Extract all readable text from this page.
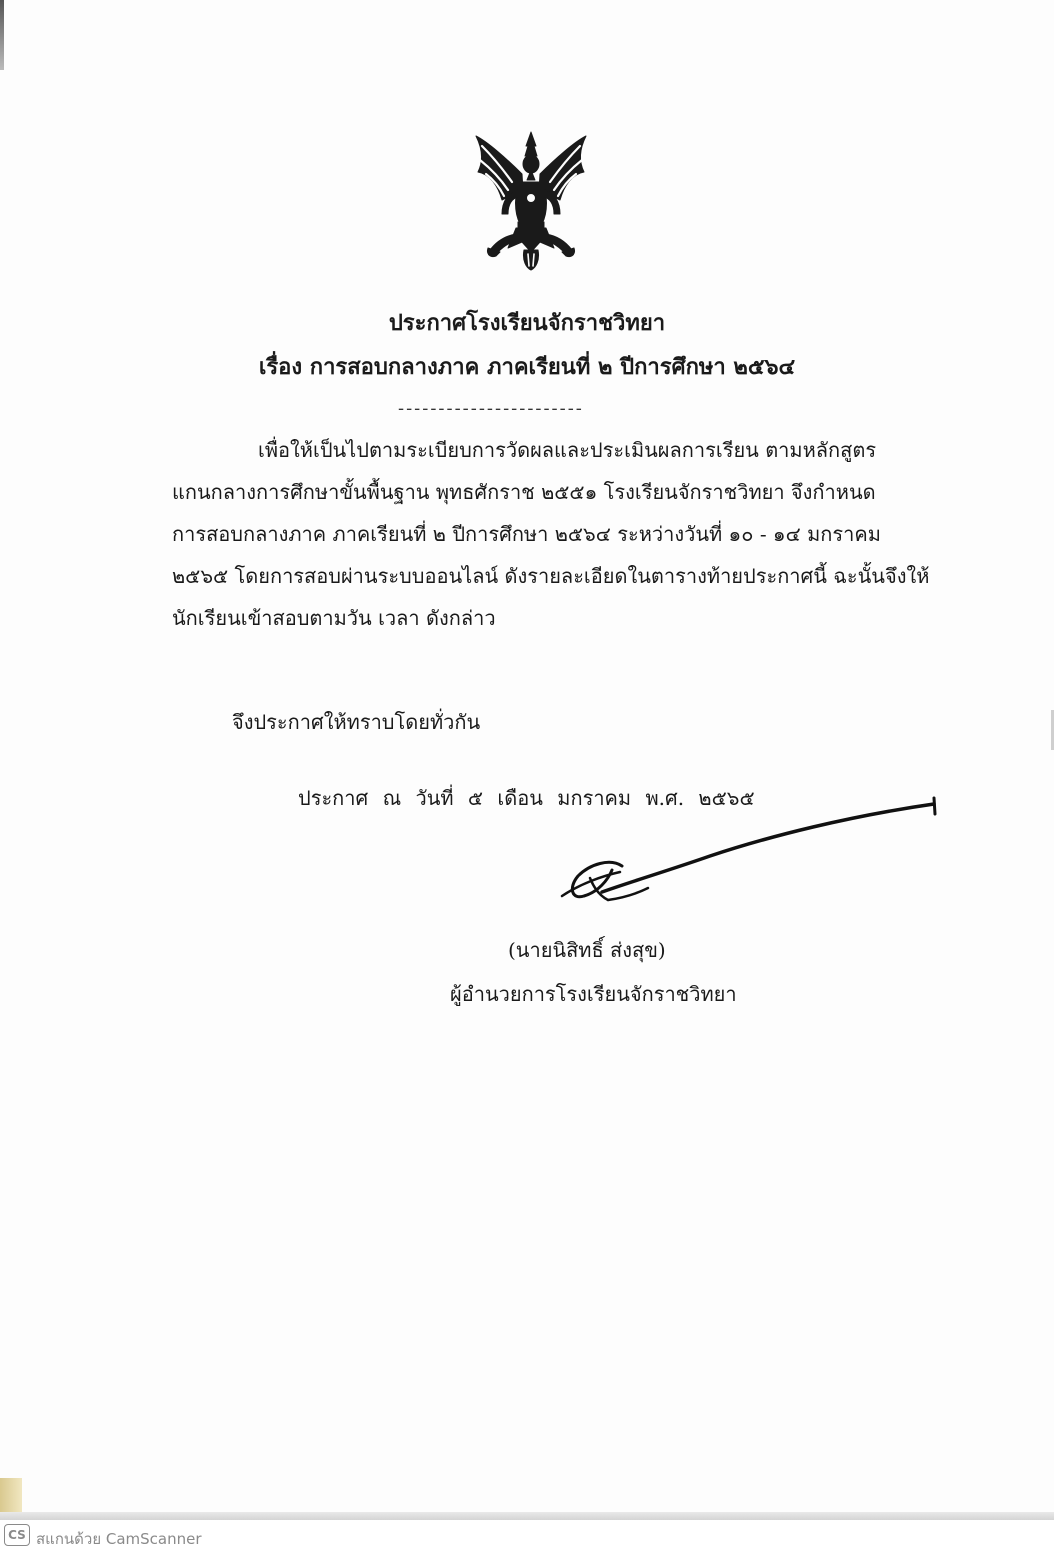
ประกาศโรงเรียนจักราชวิทยา
เรื่อง การสอบกลางภาค ภาคเรียนที่ ๒ ปีการศึกษา ๒๕๖๔
-----------------------
เพื่อให้เป็นไปตามระเบียบการวัดผลและประเมินผลการเรียน ตามหลักสูตร
แกนกลางการศึกษาขั้นพื้นฐาน พุทธศักราช ๒๕๕๑ โรงเรียนจักราชวิทยา จึงกำหนด
การสอบกลางภาค ภาคเรียนที่ ๒ ปีการศึกษา ๒๕๖๔ ระหว่างวันที่ ๑๐ - ๑๔ มกราคม
๒๕๖๕ โดยการสอบผ่านระบบออนไลน์ ดังรายละเอียดในตารางท้ายประกาศนี้ ฉะนั้นจึงให้
นักเรียนเข้าสอบตามวัน เวลา ดังกล่าว
จึงประกาศให้ทราบโดยทั่วกัน
ประกาศ ณ วันที่ ๕ เดือน มกราคม พ.ศ. ๒๕๖๕
(นายนิสิทธิ์ ส่งสุข)
ผู้อำนวยการโรงเรียนจักราชวิทยา
CS สแกนด้วย CamScanner
